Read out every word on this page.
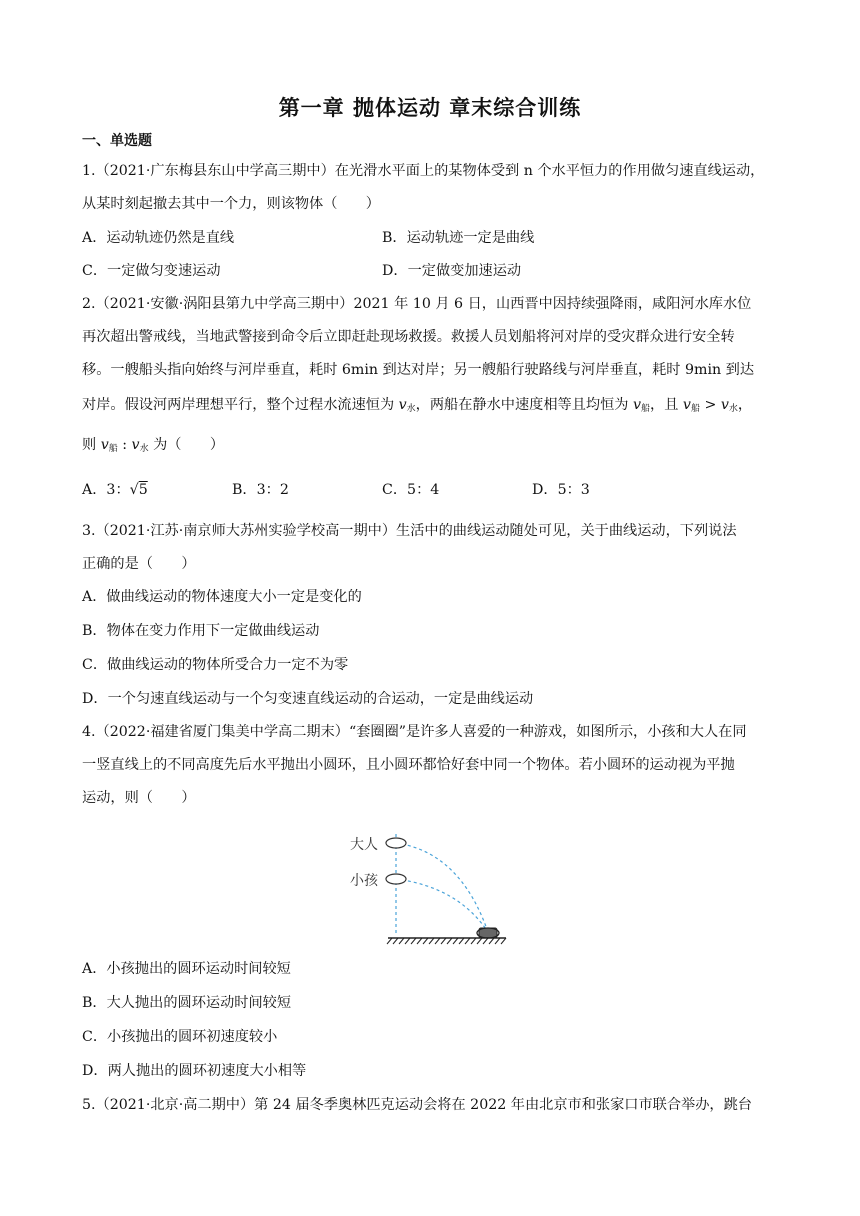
第一章 抛体运动 章末综合训练
一、单选题
1.（2021·广东梅县东山中学高三期中）在光滑水平面上的某物体受到 n 个水平恒力的作用做匀速直线运动，
从某时刻起撤去其中一个力，则该物体（　　）
A．运动轨迹仍然是直线	B．运动轨迹一定是曲线
C．一定做匀变速运动	D．一定做变加速运动
2.（2021·安徽·涡阳县第九中学高三期中）2021 年 10 月 6 日，山西晋中因持续强降雨，咸阳河水库水位
再次超出警戒线，当地武警接到命令后立即赶赴现场救援。救援人员划船将河对岸的受灾群众进行安全转
移。一艘船头指向始终与河岸垂直，耗时 6min 到达对岸；另一艘船行驶路线与河岸垂直，耗时 9min 到达
对岸。假设河两岸理想平行，整个过程水流速恒为 $v_水$，两船在静水中速度相等且均恒为 $v_船$，且 $v_船 > v_水$，
则 $v_船$ : $v_水$ 为（　　）
A．3：√5	B．3：2	C．5：4	D．5：3
3.（2021·江苏·南京师大苏州实验学校高一期中）生活中的曲线运动随处可见，关于曲线运动，下列说法
正确的是（　　）
A．做曲线运动的物体速度大小一定是变化的
B．物体在变力作用下一定做曲线运动
C．做曲线运动的物体所受合力一定不为零
D．一个匀速直线运动与一个匀变速直线运动的合运动，一定是曲线运动
4.（2022·福建省厦门集美中学高二期末）“套圈圈”是许多人喜爱的一种游戏，如图所示，小孩和大人在同
一竖直线上的不同高度先后水平抛出小圆环，且小圆环都恰好套中同一个物体。若小圆环的运动视为平抛
运动，则（　　）
大人
小孩
A．小孩抛出的圆环运动时间较短
B．大人抛出的圆环运动时间较短
C．小孩抛出的圆环初速度较小
D．两人抛出的圆环初速度大小相等
5.（2021·北京·高二期中）第 24 届冬季奥林匹克运动会将在 2022 年由北京市和张家口市联合举办，跳台
